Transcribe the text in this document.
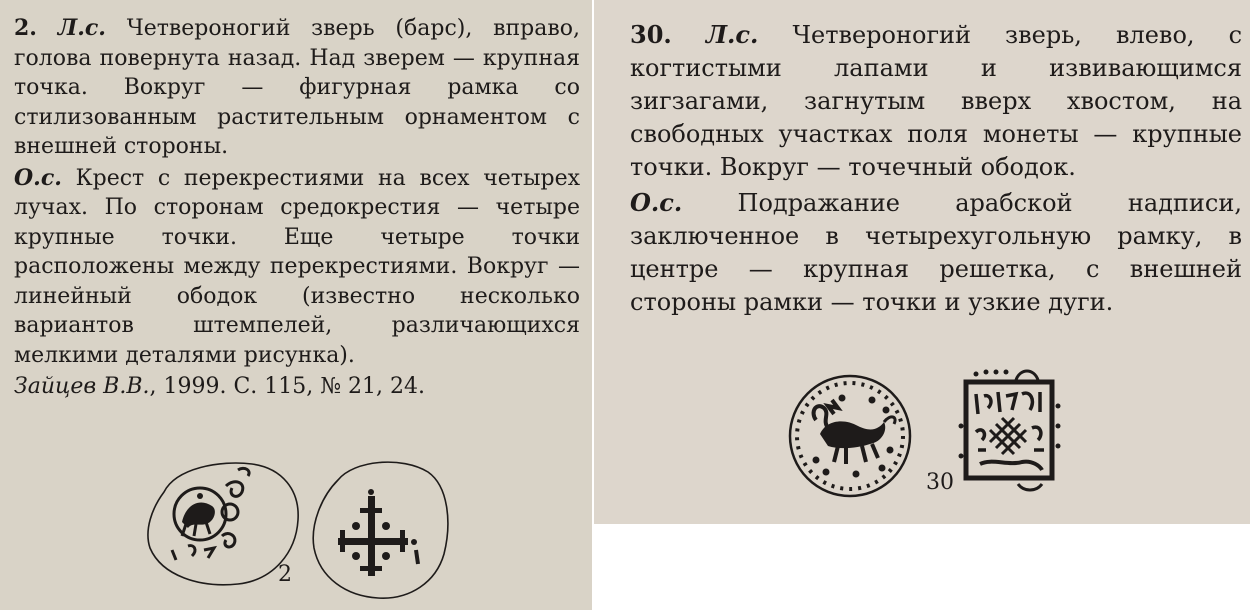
2. Л.с. Четвероногий зверь (барс), вправо, голова повернута назад. Над зверем — крупная точка. Вокруг — фигурная рамка со стилизованным растительным орнаментом с внешней стороны.

О.с. Крест с перекрестиями на всех четырех лучах. По сторонам средокрестия — четыре крупные точки. Еще четыре точки расположены между перекрестиями. Вокруг — линейный ободок (известно несколько вариантов штемпелей, различающихся мелкими деталями рисунка).

Зайцев В.В., 1999. С. 115, № 21, 24.

2

30. Л.с. Четвероногий зверь, влево, с когтистыми лапами и извивающимся зигзагами, загнутым вверх хвостом, на свободных участках поля монеты — крупные точки. Вокруг — точечный ободок.

О.с. Подражание арабской надписи, заключенное в четырехугольную рамку, в центре — крупная решетка, с внешней стороны рамки — точки и узкие дуги.

30
